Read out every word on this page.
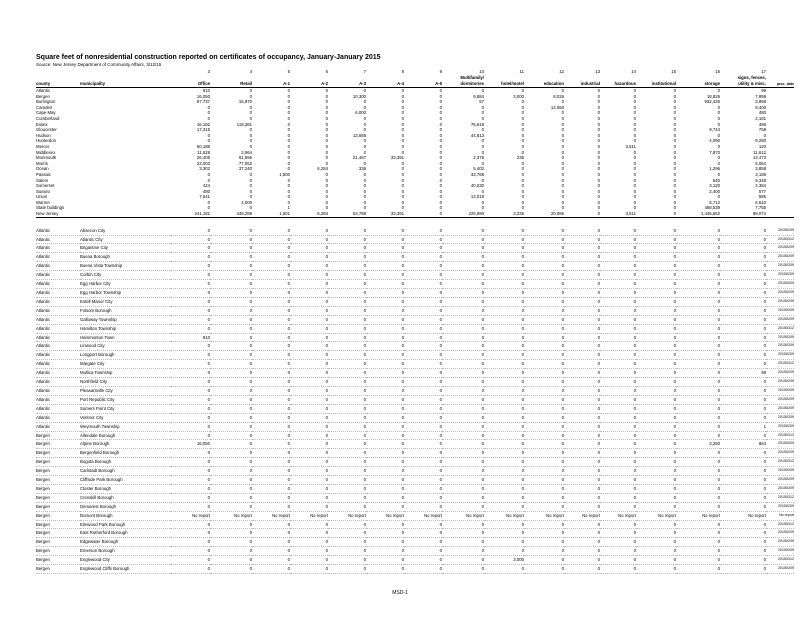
Square feet of nonresidential construction reported on certificates of occupancy, January-January 2015
Source: New Jersey Department of Community Affairs, 3/12/15
		3	4	5	6	7	8	9	10	11	12	13	14	15	16	17	
									Multifamily/							signs, fences,	
county	municipality	Office	Retail	A-1	A-2	A-3	A-4	A-5	dormitories	hotel/motel	education	industrial	hazardous	institutional	storage	utility & misc.	proc_date
Atlantic		910	0	0	0	0	0	0	0	0	0	0	0	0	0	99	
Bergen		16,050	0	0	0	10,300	0	0	9,884	3,000	8,026	0	0	0	18,826	7,899	
Burlington		57,737	15,970	0	0	0	0	0	57	0	0	0	0	0	932,425	3,868	
Camden		0	0	0	0	0	0	0	0	0	12,060	0	0	0	0	8,400	
Cape May		0	0	0	0	6,000	0	0	0	0	0	0	0	0	0	480	
Cumberland		0	0	0	0	0	0	0	0	0	0	0	0	0	0	2,101	
Essex		16,192	119,381	0	0	0	0	0	76,618	0	0	0	0	0	0	488	
Gloucester		17,315	0	0	0	0	0	0	0	0	0	0	0	0	9,744	768	
Hudson		0	0	0	0	13,685	0	0	44,813	0	0	0	0	0	0	0	
Hunterdon		0	0	0	0	0	0	0	0	0	0	0	0	0	4,090	9,280	
Mercer		60,186	0	0	0	0	0	0	0	0	0	0	3,511	0	0	120	
Middlesex		11,528	2,964	0	0	0	0	0	0	0	0	0	0	0	7,870	11,612	
Monmouth		26,405	91,656	0	0	21,467	33,391	0	2,378	235	0	0	0	0	0	13,473	
Morris		23,003	77,052	0	0	0	0	0	0	0	0	0	0	0	0	5,064	
Ocean		3,302	37,240	0	6,284	336	0	0	5,402	0	0	0	0	0	1,296	3,858	
Passaic		0	0	1,500	0	0	0	0	33,788	0	0	0	0	0	0	3,185	
Salem		0	0	0	0	0	0	0	0	0	0	0	0	0	540	9,348	
Somerset		424	0	0	0	0	0	0	40,030	0	0	0	0	0	3,120	2,384	
Sussex		480	0	0	0	0	0	0	0	0	0	0	0	0	2,400	577	
Union		7,641	0	0	0	0	0	0	13,019	0	0	0	0	0	0	585	
Warren		0	4,000	0	0	0	0	0	0	0	0	0	0	0	6,712	6,610	
State buildings		0	0	1	0	0	0	0	0	0	0	0	0	0	458,539	7,755	
New Jersey		241,181	348,288	1,501	6,284	53,788	33,391	0	225,990	3,235	20,086	0	3,511	0	1,445,562	98,074	

Atlantic	Absecon City	0	0	0	0	0	0	0	0	0	0	0	0	0	0	0	20150209
Atlantic	Atlantic City	0	0	0	0	0	0	0	0	0	0	0	0	0	0	0	20150312
Atlantic	Brigantine City	0	0	0	0	0	0	0	0	0	0	0	0	0	0	0	20150209
Atlantic	Buena Borough	0	0	0	0	0	0	0	0	0	0	0	0	0	0	0	20150209
Atlantic	Buena Vista Township	0	0	0	0	0	0	0	0	0	0	0	0	0	0	0	20150209
Atlantic	Corbin City	0	0	0	0	0	0	0	0	0	0	0	0	0	0	0	20150209
Atlantic	Egg Harbor City	0	0	0	0	0	0	0	0	0	0	0	0	0	0	0	20150209
Atlantic	Egg Harbor Township	0	0	0	0	0	0	0	0	0	0	0	0	0	0	0	20150209
Atlantic	Estell Manor City	0	0	0	0	0	0	0	0	0	0	0	0	0	0	0	20150209
Atlantic	Folsom Borough	0	0	0	0	0	0	0	0	0	0	0	0	0	0	0	20150209
Atlantic	Galloway Township	0	0	0	0	0	0	0	0	0	0	0	0	0	0	0	20150209
Atlantic	Hamilton Township	0	0	0	0	0	0	0	0	0	0	0	0	0	0	0	20150312
Atlantic	Hammonton Town	910	0	0	0	0	0	0	0	0	0	0	0	0	0	0	20150209
Atlantic	Linwood City	0	0	0	0	0	0	0	0	0	0	0	0	0	0	0	20150209
Atlantic	Longport Borough	0	0	0	0	0	0	0	0	0	0	0	0	0	0	0	20150209
Atlantic	Margate City	0	0	0	0	0	0	0	0	0	0	0	0	0	0	0	20150312
Atlantic	Mullica Township	0	0	0	0	0	0	0	0	0	0	0	0	0	0	98	20150209
Atlantic	Northfield City	0	0	0	0	0	0	0	0	0	0	0	0	0	0	0	20150209
Atlantic	Pleasantville City	0	0	0	0	0	0	0	0	0	0	0	0	0	0	0	20150209
Atlantic	Port Republic City	0	0	0	0	0	0	0	0	0	0	0	0	0	0	0	20150209
Atlantic	Somers Point City	0	0	0	0	0	0	0	0	0	0	0	0	0	0	0	20150209
Atlantic	Ventnor City	0	0	0	0	0	0	0	0	0	0	0	0	0	0	0	20150209
Atlantic	Weymouth Township	0	0	0	0	0	0	0	0	0	0	0	0	0	0	1	20150209
Bergen	Allendale Borough	0	0	0	0	0	0	0	0	0	0	0	0	0	0	0	20150312
Bergen	Alpine Borough	16,050	0	0	0	0	0	0	0	0	0	0	0	0	3,250	864	20150209
Bergen	Bergenfield Borough	0	0	0	0	0	0	0	0	0	0	0	0	0	0	0	20150209
Bergen	Bogota Borough	0	0	0	0	0	0	0	0	0	0	0	0	0	0	0	20150312
Bergen	Carlstadt Borough	0	0	0	0	0	0	0	0	0	0	0	0	0	0	0	20150209
Bergen	Cliffside Park Borough	0	0	0	0	0	0	0	0	0	0	0	0	0	0	0	20150209
Bergen	Closter Borough	0	0	0	0	0	0	0	0	0	0	0	0	0	0	0	20150209
Bergen	Cresskill Borough	0	0	0	0	0	0	0	0	0	0	0	0	0	0	0	20150312
Bergen	Demarest Borough	0	0	0	0	0	0	0	0	0	0	0	0	0	0	0	20150209
Bergen	Dumont Borough	No report	No report	No report	No report	No report	No report	No report	No report	No report	No report	No report	No report	No report	No report	No report	No report
Bergen	Elmwood Park Borough	0	0	0	0	0	0	0	0	0	0	0	0	0	0	0	20150312
Bergen	East Rutherford Borough	0	0	0	0	0	0	0	0	0	0	0	0	0	0	0	20150209
Bergen	Edgewater Borough	0	0	0	0	0	0	0	0	0	0	0	0	0	0	0	20150209
Bergen	Emerson Borough	0	0	0	0	0	0	0	0	0	0	0	0	0	0	0	20150209
Bergen	Englewood City	0	0	0	0	0	0	0	0	3,000	0	0	0	0	0	0	20150312
Bergen	Englewood Cliffs Borough	0	0	0	0	0	0	0	0	0	0	0	0	0	0	0	20150209
MSD-1
